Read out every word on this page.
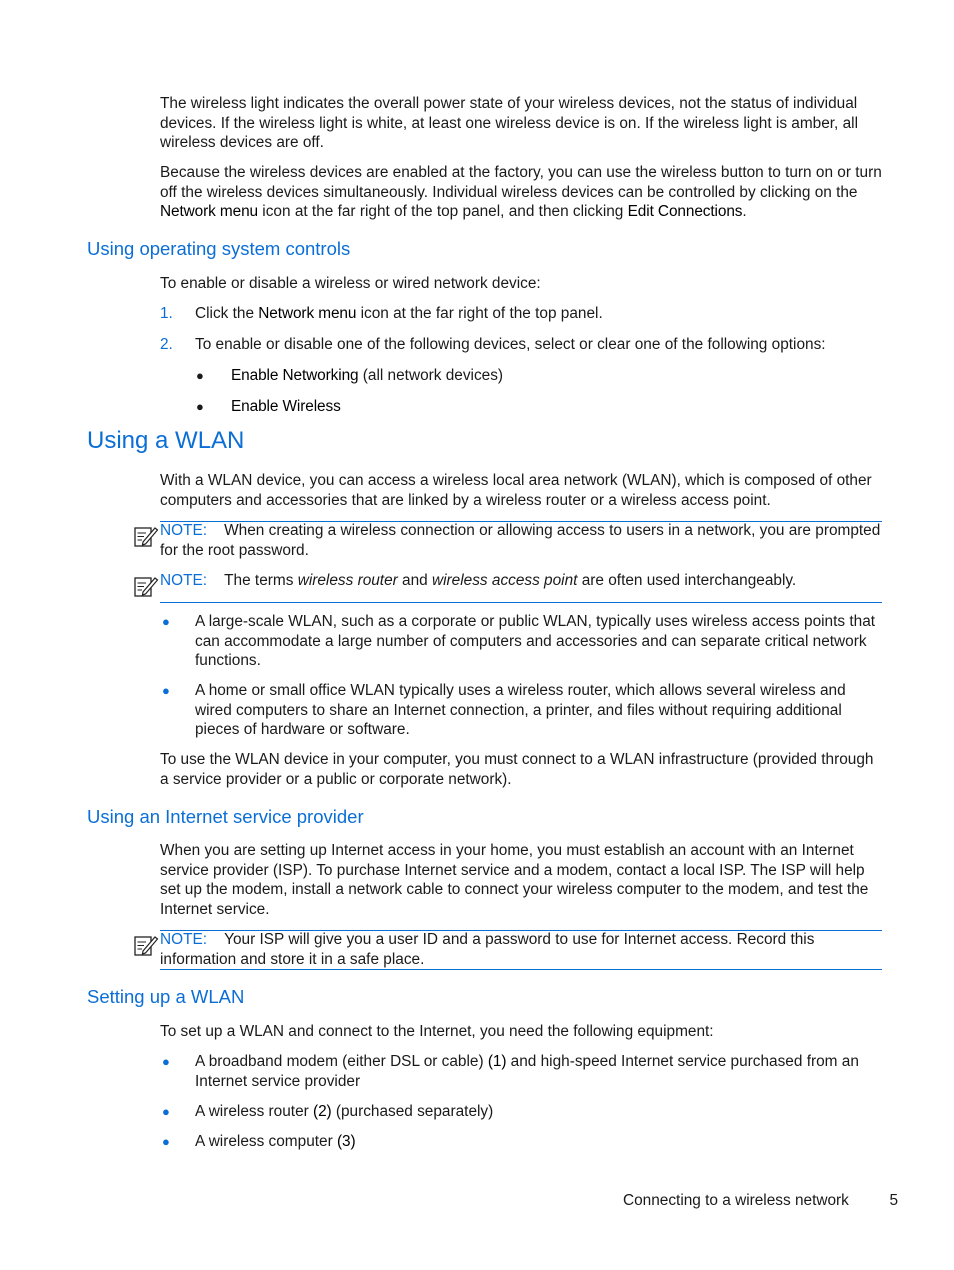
The wireless light indicates the overall power state of your wireless devices, not the status of individual devices. If the wireless light is white, at least one wireless device is on. If the wireless light is amber, all wireless devices are off.

Because the wireless devices are enabled at the factory, you can use the wireless button to turn on or turn off the wireless devices simultaneously. Individual wireless devices can be controlled by clicking on the Network menu icon at the far right of the top panel, and then clicking Edit Connections.

Using operating system controls

To enable or disable a wireless or wired network device:

1. Click the Network menu icon at the far right of the top panel.

2. To enable or disable one of the following devices, select or clear one of the following options:

● Enable Networking (all network devices)

● Enable Wireless

Using a WLAN

With a WLAN device, you can access a wireless local area network (WLAN), which is composed of other computers and accessories that are linked by a wireless router or a wireless access point.

NOTE: When creating a wireless connection or allowing access to users in a network, you are prompted for the root password.

NOTE: The terms wireless router and wireless access point are often used interchangeably.

● A large-scale WLAN, such as a corporate or public WLAN, typically uses wireless access points that can accommodate a large number of computers and accessories and can separate critical network functions.

● A home or small office WLAN typically uses a wireless router, which allows several wireless and wired computers to share an Internet connection, a printer, and files without requiring additional pieces of hardware or software.

To use the WLAN device in your computer, you must connect to a WLAN infrastructure (provided through a service provider or a public or corporate network).

Using an Internet service provider

When you are setting up Internet access in your home, you must establish an account with an Internet service provider (ISP). To purchase Internet service and a modem, contact a local ISP. The ISP will help set up the modem, install a network cable to connect your wireless computer to the modem, and test the Internet service.

NOTE: Your ISP will give you a user ID and a password to use for Internet access. Record this information and store it in a safe place.

Setting up a WLAN

To set up a WLAN and connect to the Internet, you need the following equipment:

● A broadband modem (either DSL or cable) (1) and high-speed Internet service purchased from an Internet service provider

● A wireless router (2) (purchased separately)

● A wireless computer (3)

Connecting to a wireless network	5
